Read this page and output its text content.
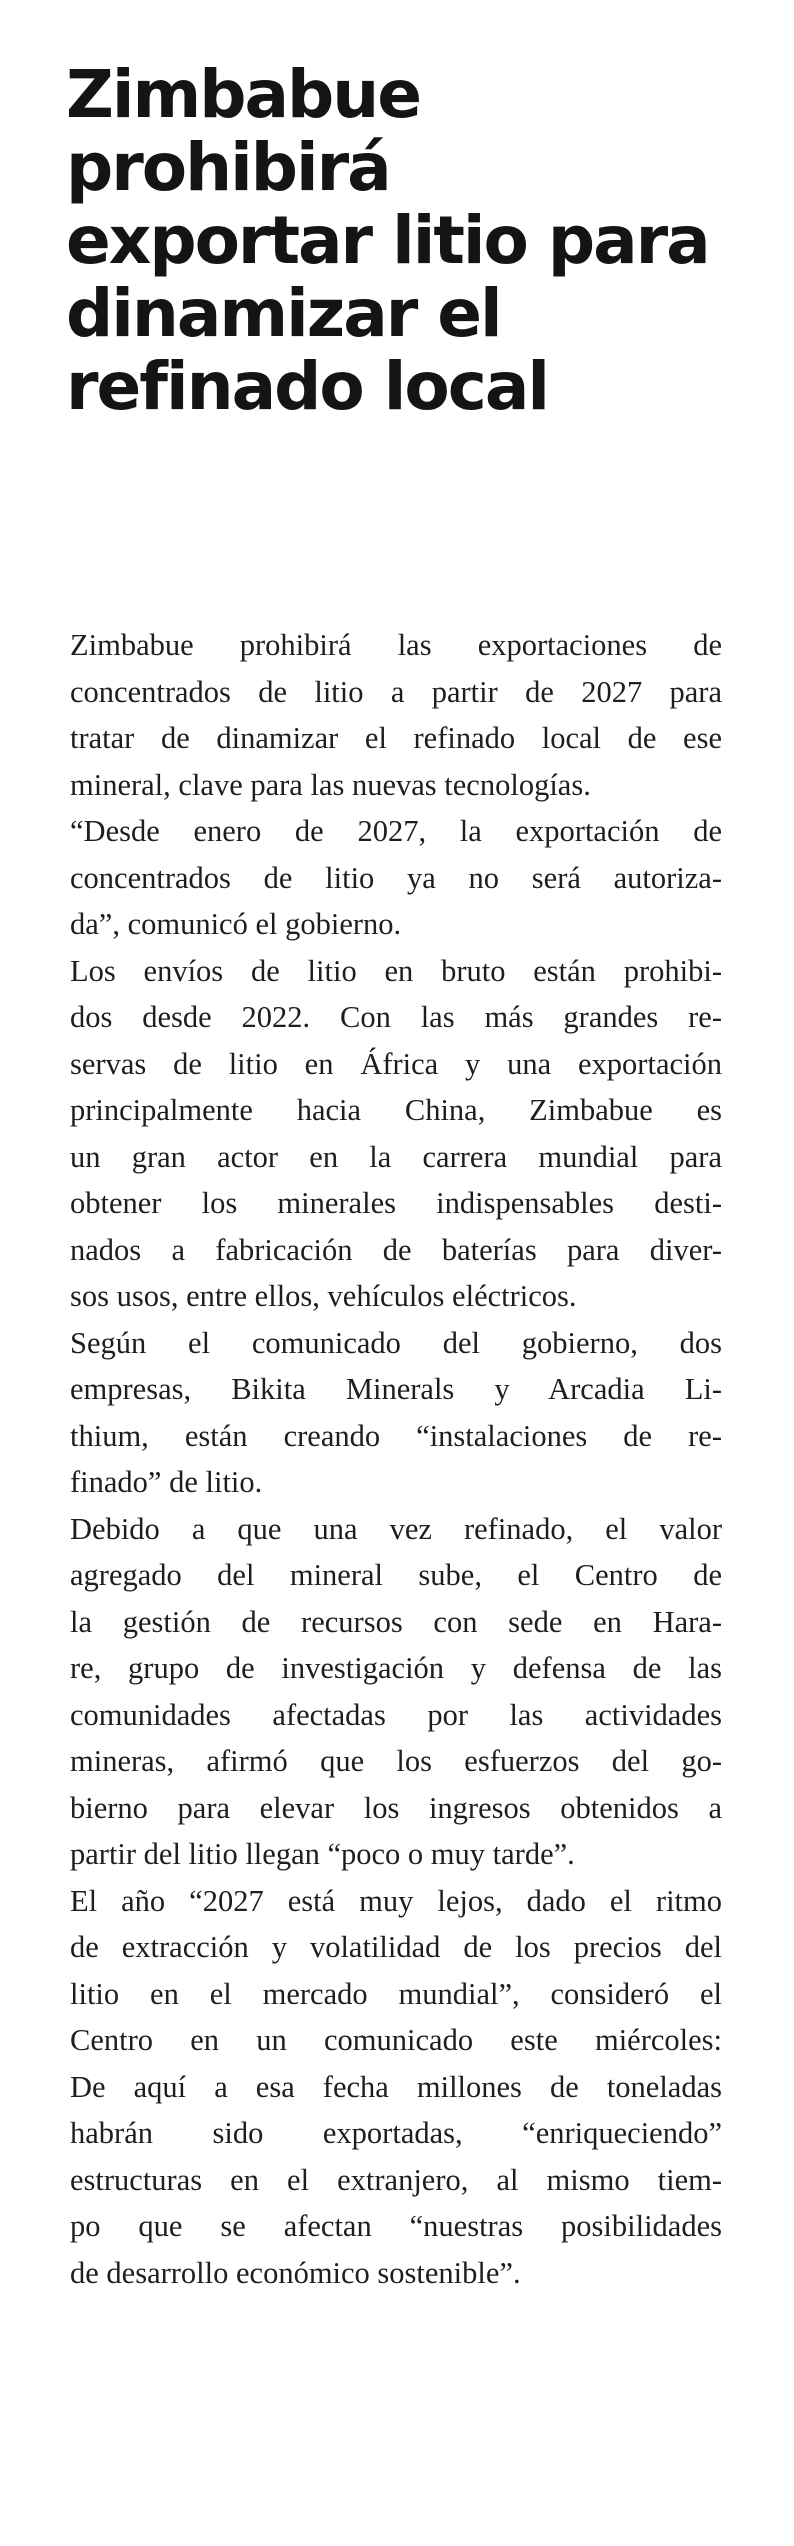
Zimbabue
prohibirá
exportar litio para
dinamizar el
refinado local
Zimbabue prohibirá las exportaciones de
concentrados de litio a partir de 2027 para
tratar de dinamizar el refinado local de ese
mineral, clave para las nuevas tecnologías.
“Desde enero de 2027, la exportación de
concentrados de litio ya no será autoriza-
da”, comunicó el gobierno.
Los envíos de litio en bruto están prohibi-
dos desde 2022. Con las más grandes re-
servas de litio en África y una exportación
principalmente hacia China, Zimbabue es
un gran actor en la carrera mundial para
obtener los minerales indispensables desti-
nados a fabricación de baterías para diver-
sos usos, entre ellos, vehículos eléctricos.
Según el comunicado del gobierno, dos
empresas, Bikita Minerals y Arcadia Li-
thium, están creando “instalaciones de re-
finado” de litio.
Debido a que una vez refinado, el valor
agregado del mineral sube, el Centro de
la gestión de recursos con sede en Hara-
re, grupo de investigación y defensa de las
comunidades afectadas por las actividades
mineras, afirmó que los esfuerzos del go-
bierno para elevar los ingresos obtenidos a
partir del litio llegan “poco o muy tarde”.
El año “2027 está muy lejos, dado el ritmo
de extracción y volatilidad de los precios del
litio en el mercado mundial”, consideró el
Centro en un comunicado este miércoles:
De aquí a esa fecha millones de toneladas
habrán sido exportadas, “enriqueciendo”
estructuras en el extranjero, al mismo tiem-
po que se afectan “nuestras posibilidades
de desarrollo económico sostenible”.
